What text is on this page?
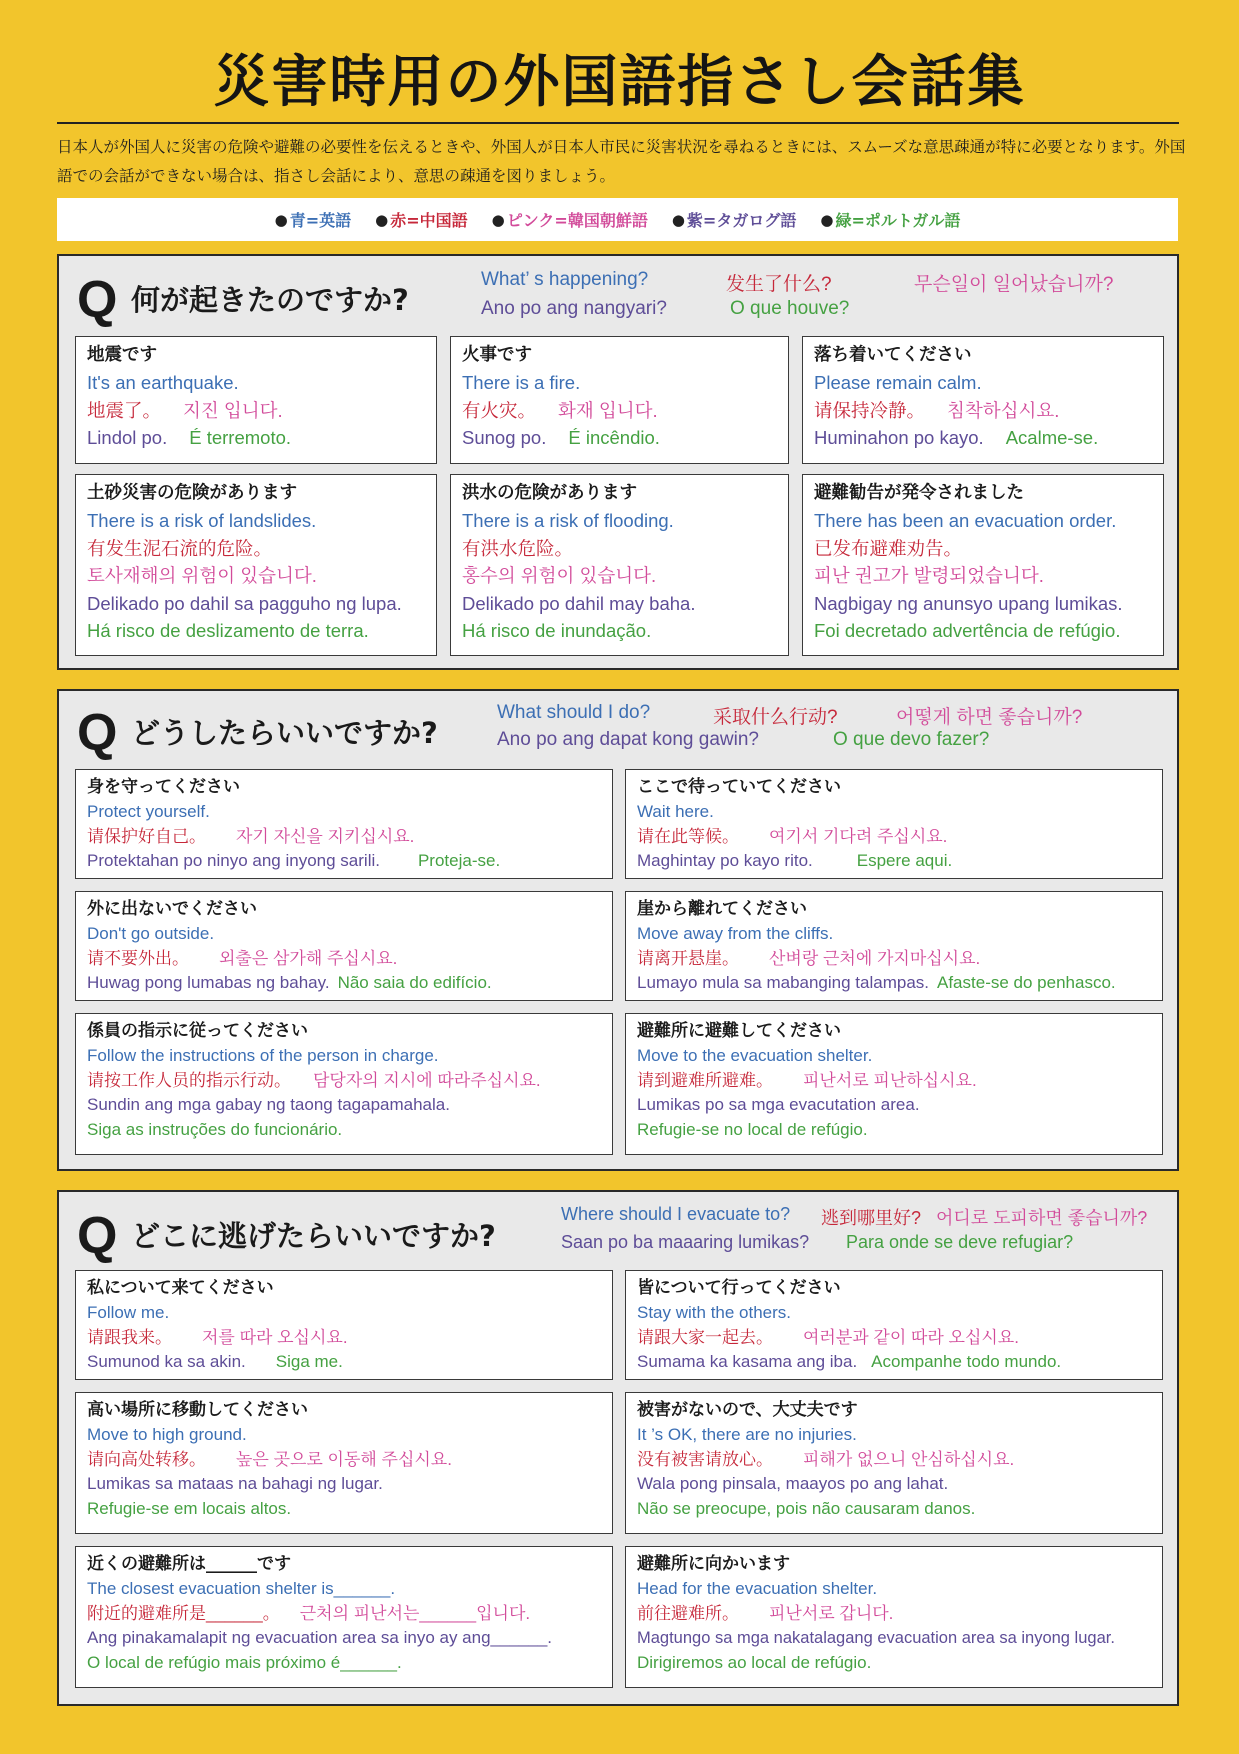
災害時用の外国語指さし会話集
日本人が外国人に災害の危険や避難の必要性を伝えるときや、外国人が日本人市民に災害状況を尋ねるときには、スムーズな意思疎通が特に必要となります。外国語での会話ができない場合は、指さし会話により、意思の疎通を図りましょう。
● 青=英語 ● 赤=中国語 ● ピンク=韓国朝鮮語 ● 紫=タガログ語 ● 緑=ポルトガル語
Q 何が起きたのですか?
What’ s happening?	发生了什么?	무슨일이 일어났습니까?
Ano po ang nangyari?	O que houve?
地震です
It's an earthquake.
地震了。 지진 입니다.
Lindol po. É terremoto.
火事です
There is a fire.
有火灾。 화재 입니다.
Sunog po. É incêndio.
落ち着いてください
Please remain calm.
请保持冷静。 침착하십시요.
Huminahon po kayo. Acalme-se.
土砂災害の危険があります
There is a risk of landslides.
有发生泥石流的危险。
토사재해의 위험이 있습니다.
Delikado po dahil sa pagguho ng lupa.
Há risco de deslizamento de terra.
洪水の危険があります
There is a risk of flooding.
有洪水危险。
홍수의 위험이 있습니다.
Delikado po dahil may baha.
Há risco de inundação.
避難勧告が発令されました
There has been an evacuation order.
已发布避难劝告。
피난 권고가 발령되었습니다.
Nagbigay ng anunsyo upang lumikas.
Foi decretado advertência de refúgio.
Q どうしたらいいですか?
What should I do?	采取什么行动?	어떻게 하면 좋습니까?
Ano po ang dapat kong gawin?	O que devo fazer?
身を守ってください
Protect yourself.
请保护好自己。 자기 자신을 지키십시요.
Protektahan po ninyo ang inyong sarili. Proteja-se.
ここで待っていてください
Wait here.
请在此等候。 여기서 기다려 주십시요.
Maghintay po kayo rito.	Espere aqui.
外に出ないでください
Don't go outside.
请不要外出。 외출은 삼가해 주십시요.
Huwag pong lumabas ng bahay. Não saia do edifício.
崖から離れてください
Move away from the cliffs.
请离开悬崖。 산벼랑 근처에 가지마십시요.
Lumayo mula sa mabanging talampas. Afaste-se do penhasco.
係員の指示に従ってください
Follow the instructions of the person in charge.
请按工作人员的指示行动。 담당자의 지시에 따라주십시요.
Sundin ang mga gabay ng taong tagapamahala.
Siga as instruções do funcionário.
避難所に避難してください
Move to the evacuation shelter.
请到避难所避难。 피난서로 피난하십시요.
Lumikas po sa mga evacutation area.
Refugie-se no local de refúgio.
Q どこに逃げたらいいですか?
Where should I evacuate to? 逃到哪里好? 어디로 도피하면 좋습니까?
Saan po ba maaaring lumikas? Para onde se deve refugiar?
私について来てください
Follow me.
请跟我来。 저를 따라 오십시요.
Sumunod ka sa akin. Siga me.
皆について行ってください
Stay with the others.
请跟大家一起去。 여러분과 같이 따라 오십시요.
Sumama ka kasama ang iba. Acompanhe todo mundo.
高い場所に移動してください
Move to high ground.
请向高处转移。 높은 곳으로 이동해 주십시요.
Lumikas sa mataas na bahagi ng lugar.
Refugie-se em locais altos.
被害がないので、大丈夫です
It ’s OK, there are no injuries.
没有被害请放心。 피해가 없으니 안심하십시요.
Wala pong pinsala, maayos po ang lahat.
Não se preocupe, pois não causaram danos.
近くの避難所は______です
The closest evacuation shelter is______.
附近的避难所是______。 근처의 피난서는______입니다.
Ang pinakamalapit ng evacuation area sa inyo ay ang______.
O local de refúgio mais próximo é______.
避難所に向かいます
Head for the evacuation shelter.
前往避难所。 피난서로 갑니다.
Magtungo sa mga nakatalagang evacuation area sa inyong lugar.
Dirigiremos ao local de refúgio.
